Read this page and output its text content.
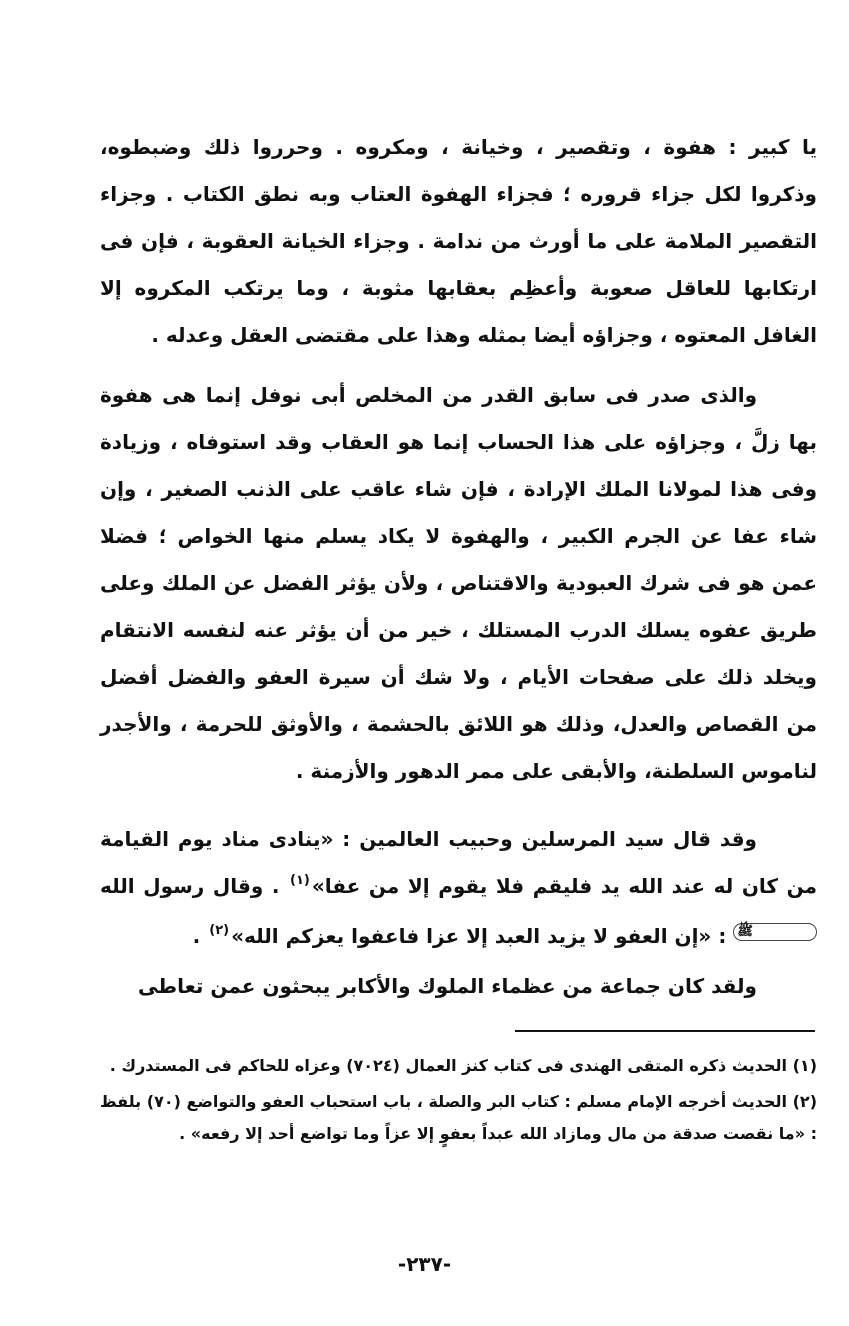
يا كبير : هفوة ، وتقصير ، وخيانة ، ومكروه . وحرروا ذلك وضبطوه، وذكروا لكل جزاء قروره ؛ فجزاء الهفوة العتاب وبه نطق الكتاب . وجزاء التقصير الملامة على ما أورث من ندامة . وجزاء الخيانة العقوبة ، فإن فى ارتكابها للعاقل صعوبة وأعظِم بعقابها مثوبة ، وما يرتكب المكروه إلا الغافل المعتوه ، وجزاؤه أيضا بمثله وهذا على مقتضى العقل وعدله .

والذى صدر فى سابق القدر من المخلص أبى نوفل إنما هى هفوة بها زلَّ ، وجزاؤه على هذا الحساب إنما هو العقاب وقد استوفاه ، وزيادة وفى هذا لمولانا الملك الإرادة ، فإن شاء عاقب على الذنب الصغير ، وإن شاء عفا عن الجرم الكبير ، والهفوة لا يكاد يسلم منها الخواص ؛ فضلا عمن هو فى شرك العبودية والاقتناص ، ولأن يؤثر الفضل عن الملك وعلى طريق عفوه يسلك الدرب المستلك ، خير من أن يؤثر عنه لنفسه الانتقام ويخلد ذلك على صفحات الأيام ، ولا شك أن سيرة العفو والفضل أفضل من القصاص والعدل، وذلك هو اللائق بالحشمة ، والأوثق للحرمة ، والأجدر لناموس السلطنة، والأبقى على ممر الدهور والأزمنة .

وقد قال سيد المرسلين وحبيب العالمين : «ينادى مناد يوم القيامة من كان له عند الله يد فليقم فلا يقوم إلا من عفا»$^{(١)}$ . وقال رسول الله ﷺ : «إن العفو لا يزيد العبد إلا عزا فاعفوا يعزكم الله»$^{(٢)}$ .

ولقد كان جماعة من عظماء الملوك والأكابر يبحثون عمن تعاطى

(١) الحديث ذكره المتقى الهندى فى كتاب كنز العمال (٧٠٢٤) وعزاه للحاكم فى المستدرك .

(٢) الحديث أخرجه الإمام مسلم : كتاب البر والصلة ، باب استحباب العفو والتواضع (٧٠) بلفظ : «ما نقصت صدقة من مال ومازاد الله عبداً بعفوٍ إلا عزاً وما تواضع أحد إلا رفعه» .

-٢٣٧-
